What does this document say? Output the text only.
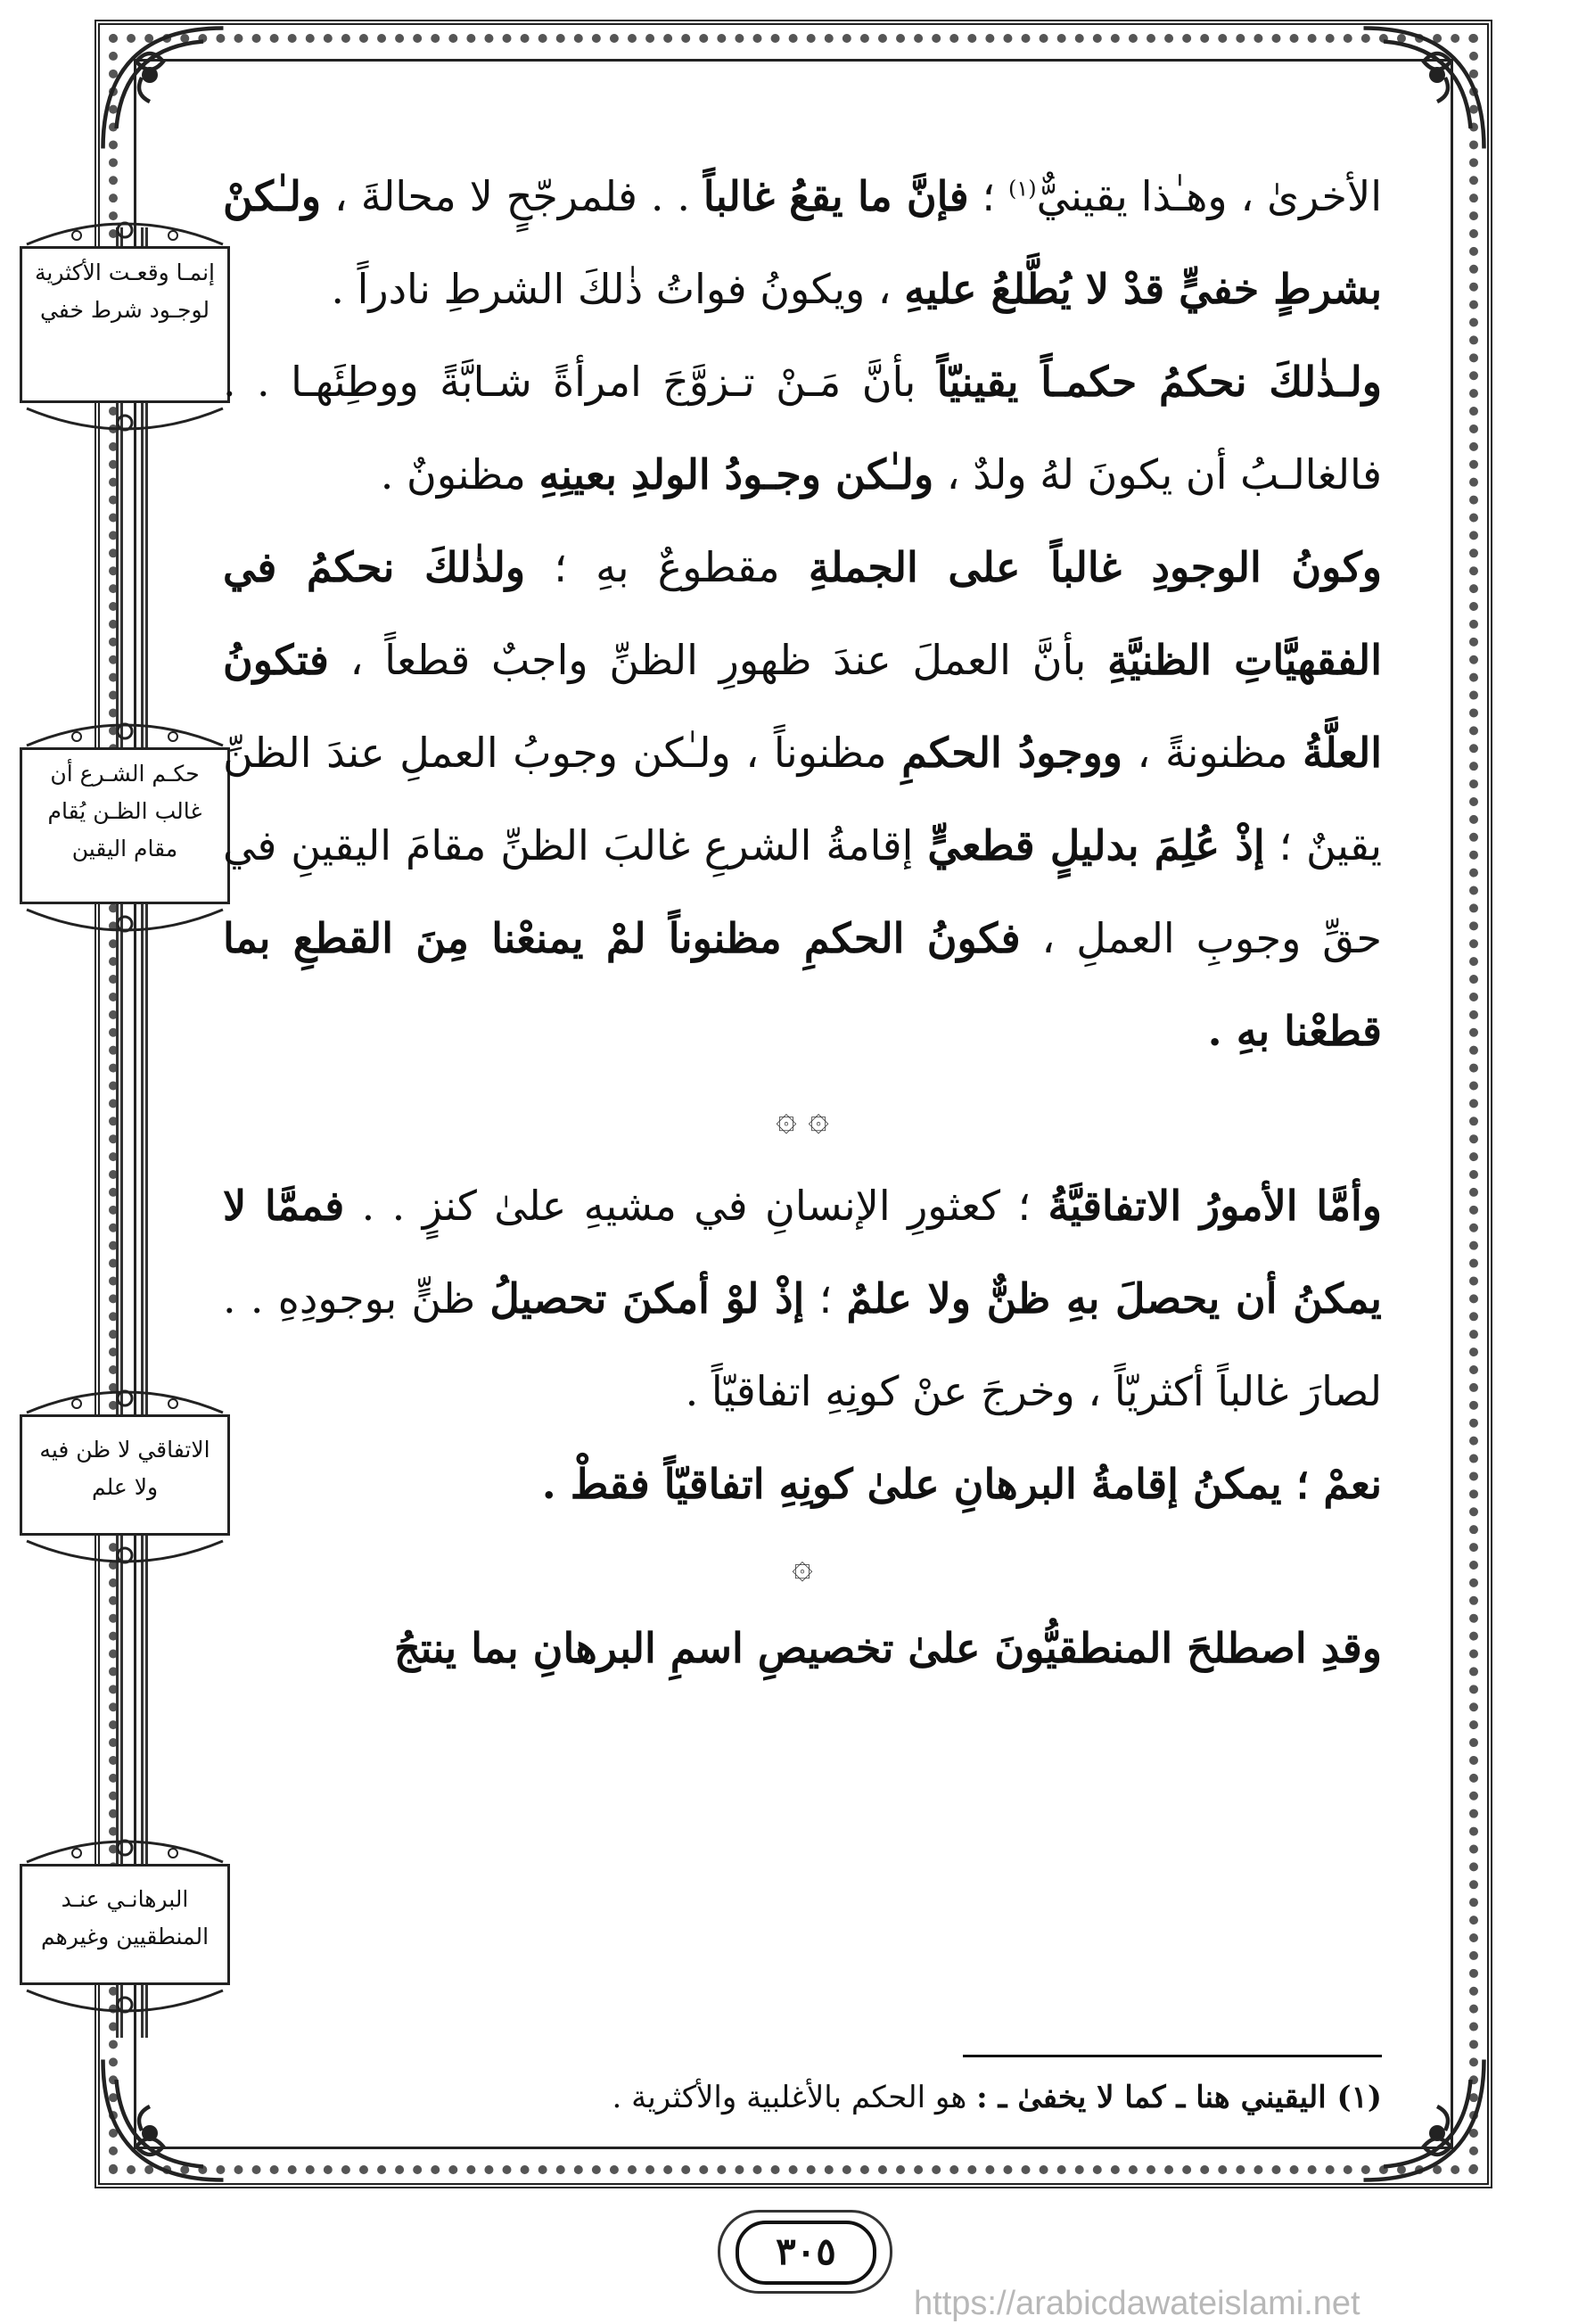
إنمـا وقعـت الأكثرية لوجـود شرط خفي
حكـم الشـرع أن غالب الظـن يُقام مقام اليقين
الاتفاقي لا ظن فيه ولا علم
البرهانـي عنـد المنطقيين وغيرهم

الأخرىٰ ، وهـٰذا يقينيٌّ$^{(١)}$ ؛ فإنَّ ما يقعُ غالباً . . فلمرجّحٍ لا محالةَ ، ولـٰكنْ بشرطٍ خفيٍّ قدْ لا يُطَّلعُ عليهِ ، ويكونُ فواتُ ذٰلكَ الشرطِ نادراً .

ولـذٰلكَ نحكمُ حكمـاً يقينيّاً بأنَّ مَـنْ تـزوَّجَ امرأةً شـابَّةً ووطِئَهـا . . فالغالـبُ أن يكونَ لهُ ولدٌ ، ولـٰكن وجـودُ الولدِ بعينِهِ مظنونٌ .

وكونُ الوجودِ غالباً على الجملةِ مقطوعٌ بهِ ؛ ولذٰلكَ نحكمُ في الفقهيَّاتِ الظنيَّةِ بأنَّ العملَ عندَ ظهورِ الظنِّ واجبٌ قطعاً ، فتكونُ العلَّةُ مظنونةً ، ووجودُ الحكمِ مظنوناً ، ولـٰكن وجوبُ العملِ عندَ الظنِّ يقينٌ ؛ إذْ عُلِمَ بدليلٍ قطعيٍّ إقامةُ الشرعِ غالبَ الظنِّ مقامَ اليقينِ في حقِّ وجوبِ العملِ ، فكونُ الحكمِ مظنوناً لمْ يمنعْنا مِنَ القطعِ بما قطعْنا بهِ .

۞ ۞

وأمَّا الأمورُ الاتفاقيَّةُ ؛ كعثورِ الإنسانِ في مشيهِ علىٰ كنزٍ . . فممَّا لا يمكنُ أن يحصلَ بهِ ظنٌّ ولا علمٌ ؛ إذْ لوْ أمكنَ تحصيلُ ظنٍّ بوجودِهِ . . لصارَ غالباً أكثريّاً ، وخرجَ عنْ كونِهِ اتفاقيّاً .

نعمْ ؛ يمكنُ إقامةُ البرهانِ علىٰ كونِهِ اتفاقيّاً فقطْ .

۞

وقدِ اصطلحَ المنطقيُّونَ علىٰ تخصيصِ اسمِ البرهانِ بما ينتجُ

(١) اليقيني هنا ـ كما لا يخفىٰ ـ : هو الحكم بالأغلبية والأكثرية .
٣٠٥
https://arabicdawateislami.net
